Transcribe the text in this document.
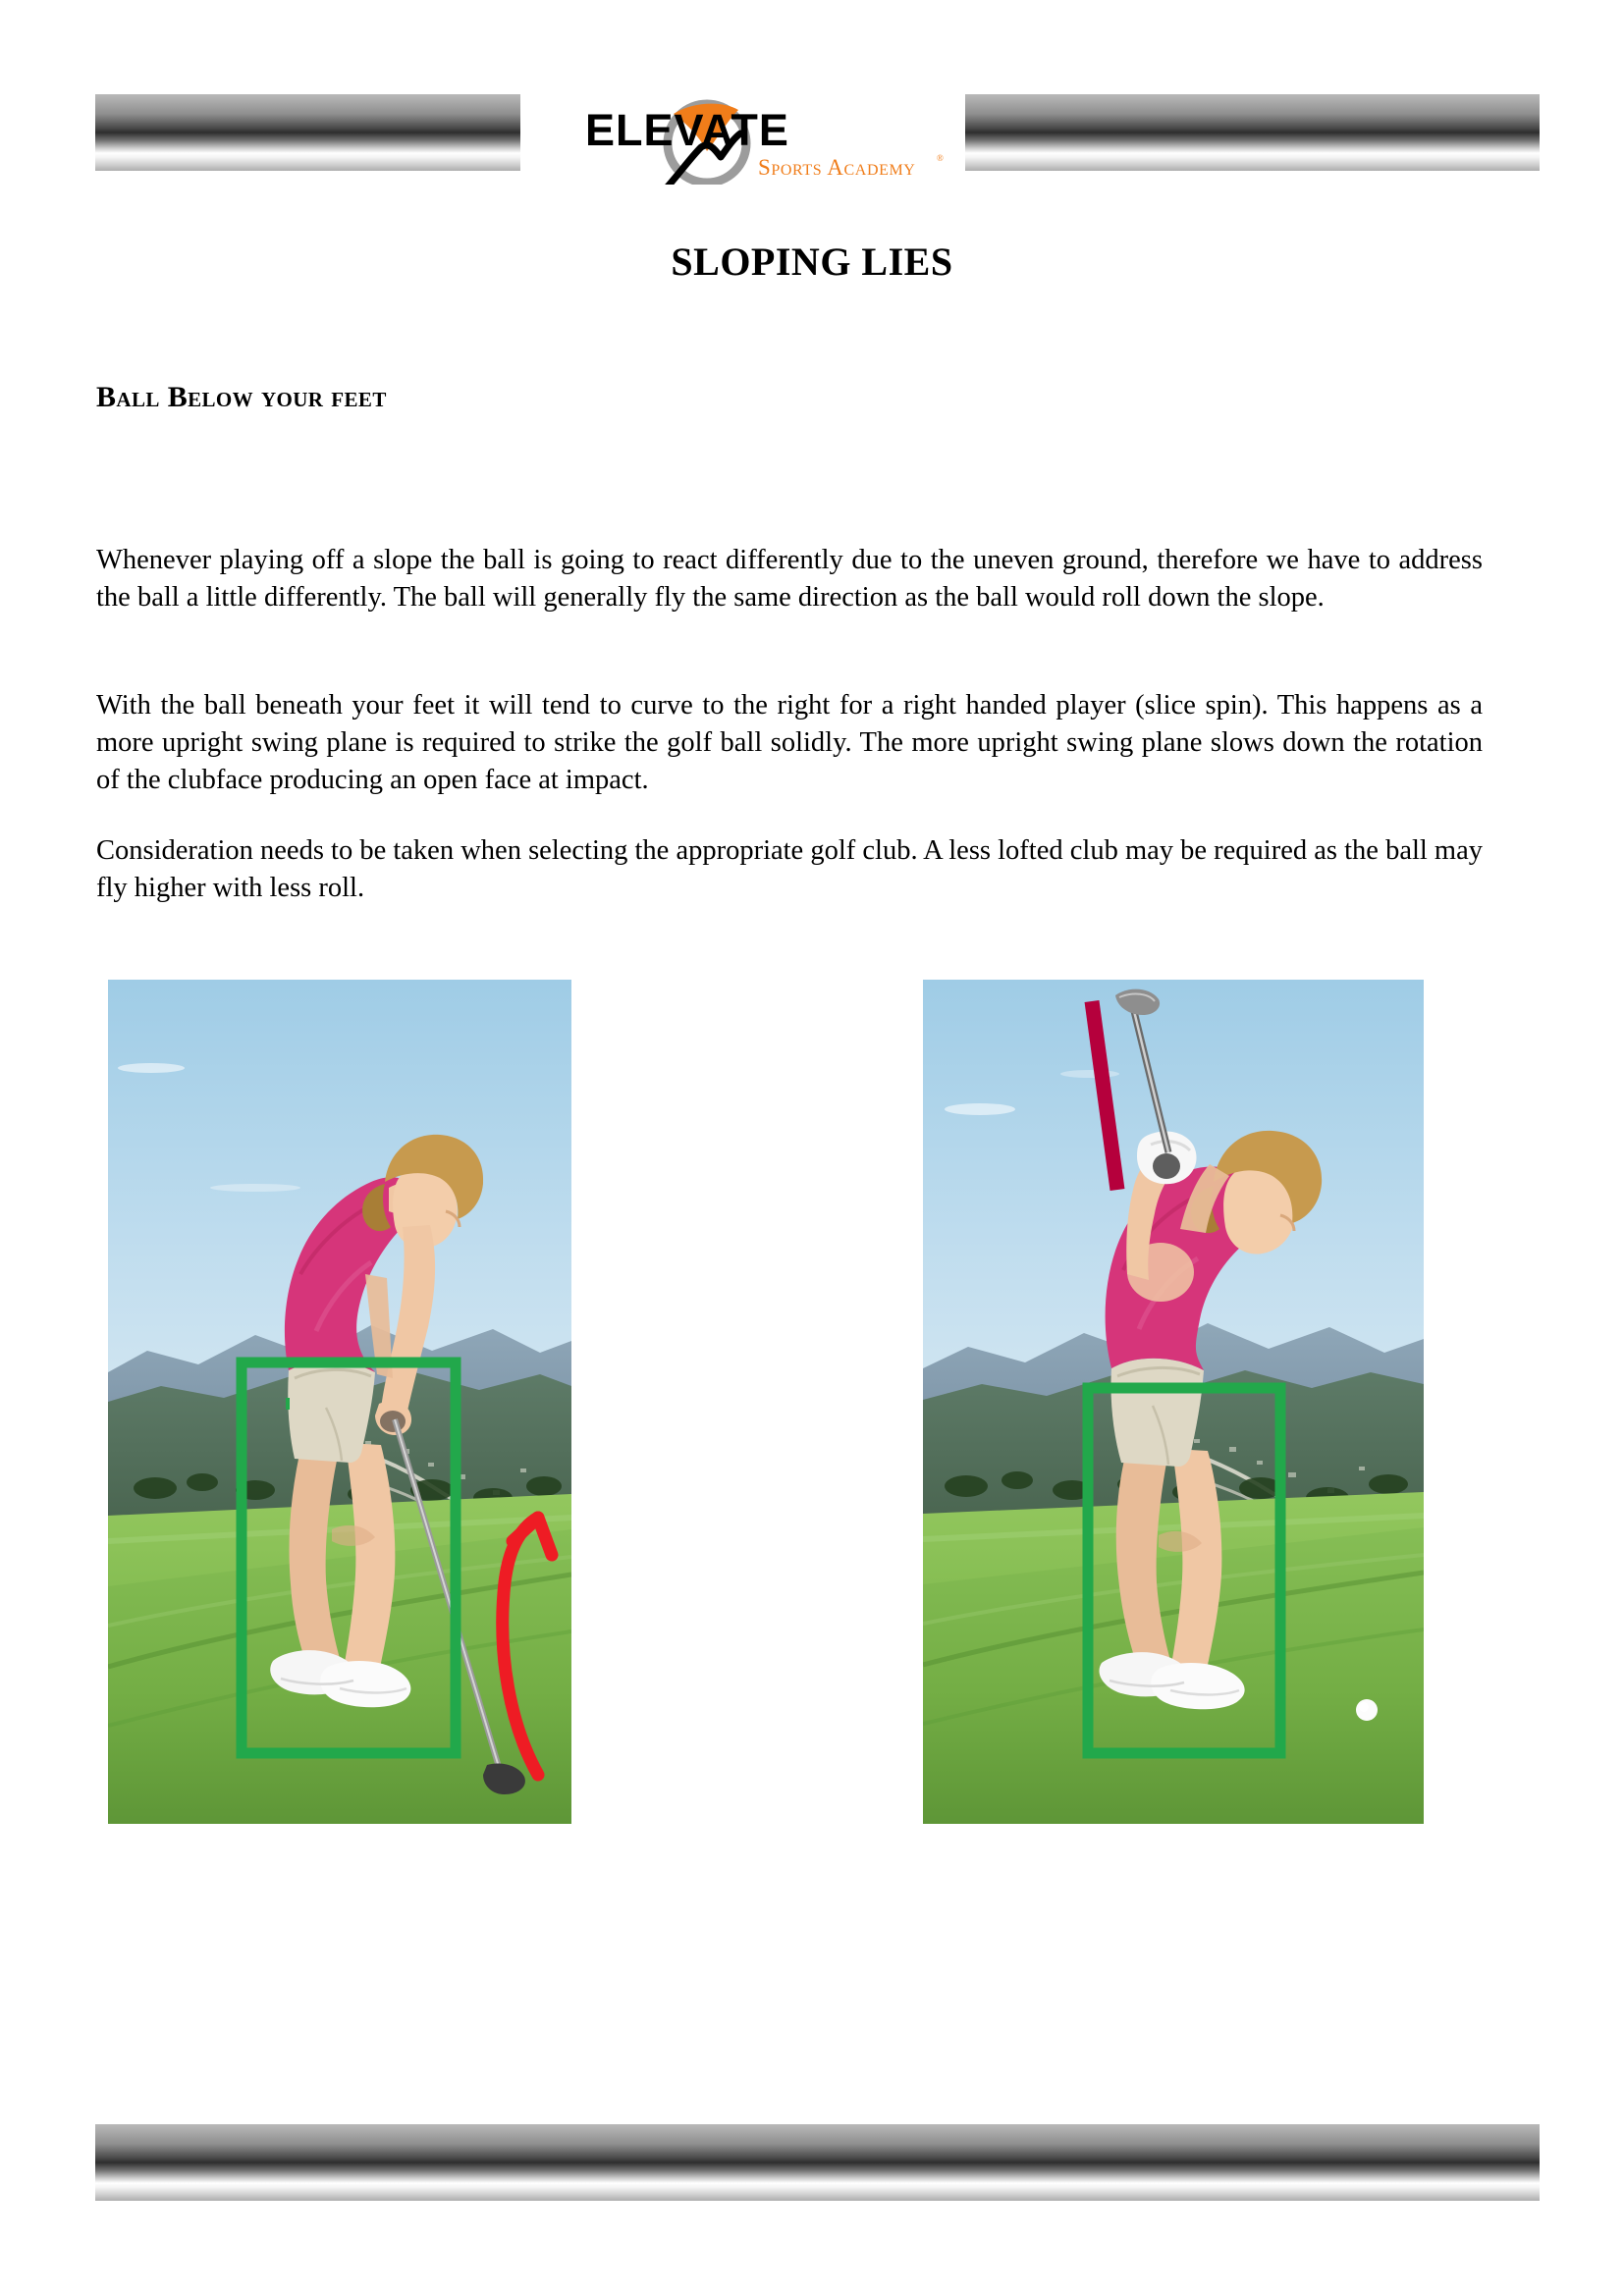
ELEVATE
Sports Academy ®
SLOPING LIES
Ball Below your feet
Whenever playing off a slope the ball is going to react differently due to the uneven ground, therefore we have to address the ball a little differently. The ball will generally fly the same direction as the ball would roll down the slope.
With the ball beneath your feet it will tend to curve to the right for a right handed player (slice spin). This happens as a more upright swing plane is required to strike the golf ball solidly. The more upright swing plane slows down the rotation of the clubface producing an open face at impact.
Consideration needs to be taken when selecting the appropriate golf club. A less lofted club may be required as the ball may fly higher with less roll.
